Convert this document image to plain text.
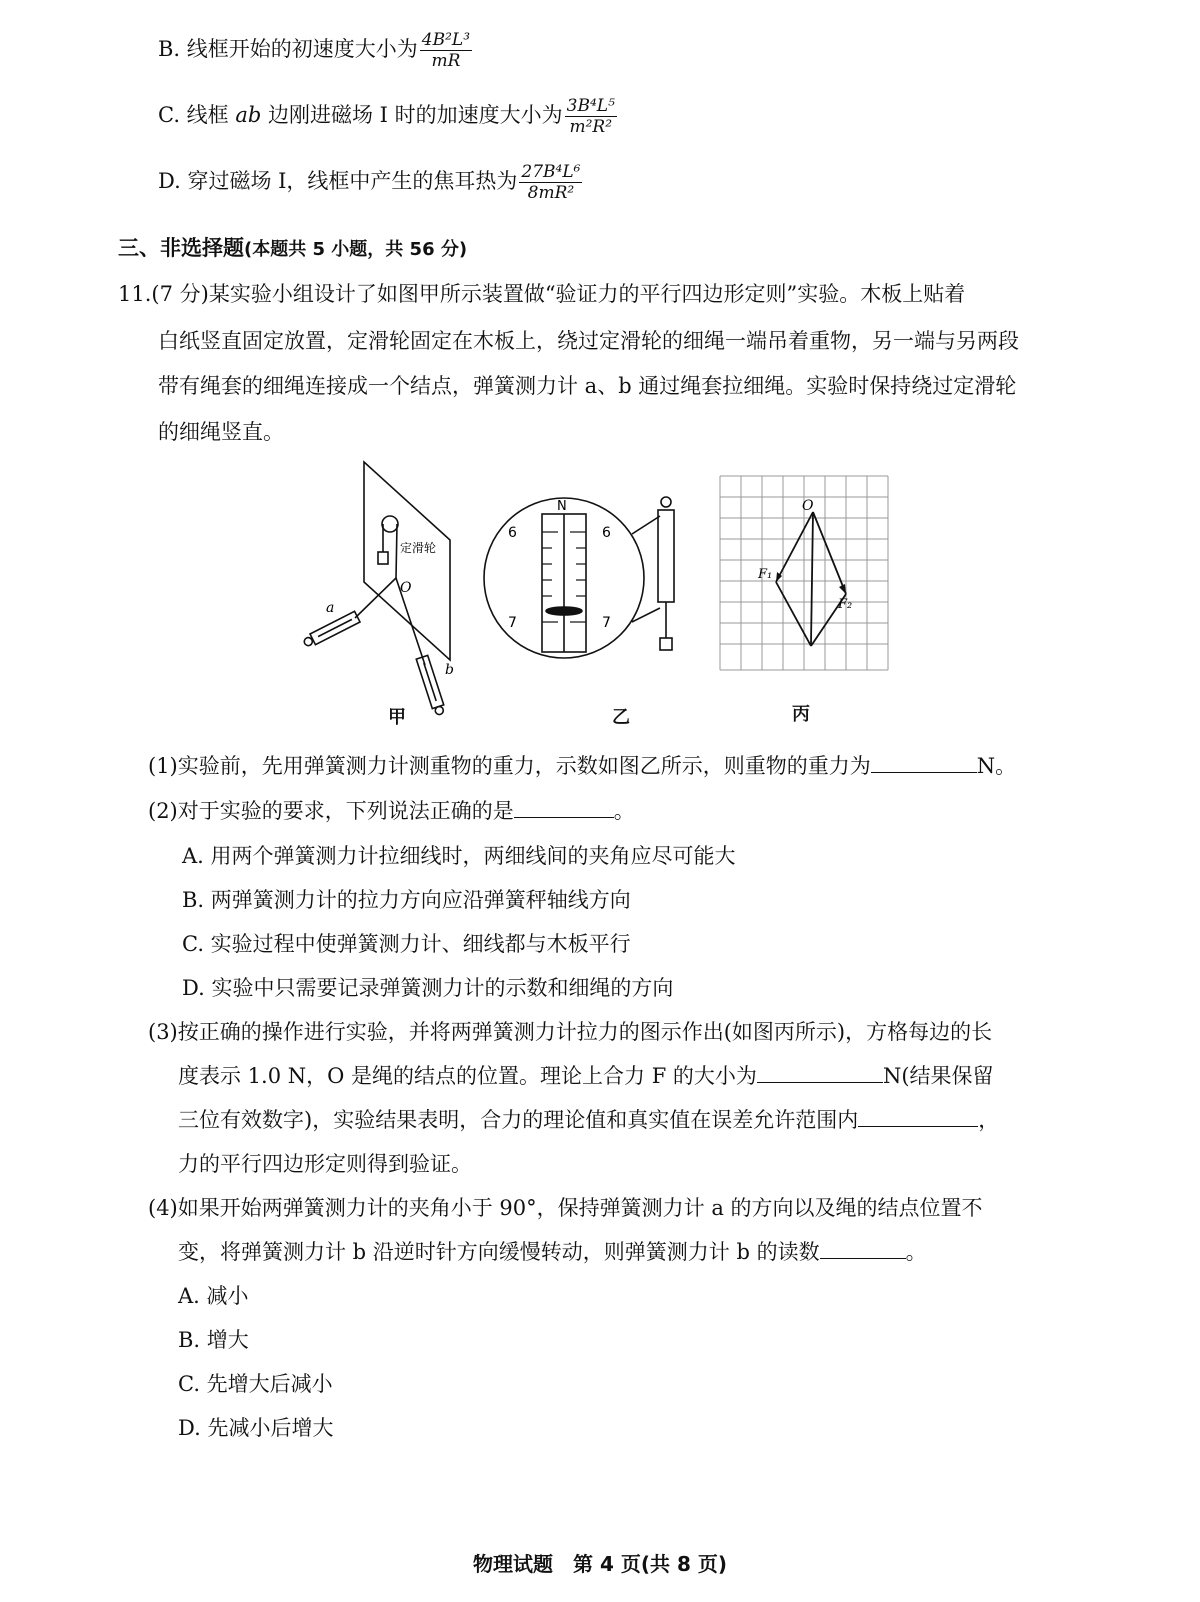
B. 线框开始的初速度大小为 $\frac{\text{4B²L³}}{mR}$
C. 线框 ab 边刚进磁场 Ⅰ 时的加速度大小为 $\frac{\text{3B⁴L⁵}}{\text{m²R²}}$
D. 穿过磁场 Ⅰ，线框中产生的焦耳热为 $\frac{\text{27B⁴L⁶}}{\text{8mR²}}$
三、非选择题(本题共 5 小题，共 56 分)
11.(7 分)某实验小组设计了如图甲所示装置做“验证力的平行四边形定则”实验。木板上贴着
白纸竖直固定放置，定滑轮固定在木板上，绕过定滑轮的细绳一端吊着重物，另一端与另两段
带有绳套的细绳连接成一个结点，弹簧测力计 a、b 通过绳套拉细绳。实验时保持绕过定滑轮
的细绳竖直。
定滑轮
O
a
b
甲
N
6	6
7	7
乙
O
F₁
F₂
丙
(1)实验前，先用弹簧测力计测重物的重力，示数如图乙所示，则重物的重力为	N。
(2)对于实验的要求，下列说法正确的是	。
A. 用两个弹簧测力计拉细线时，两细线间的夹角应尽可能大
B. 两弹簧测力计的拉力方向应沿弹簧秤轴线方向
C. 实验过程中使弹簧测力计、细线都与木板平行
D. 实验中只需要记录弹簧测力计的示数和细绳的方向
(3)按正确的操作进行实验，并将两弹簧测力计拉力的图示作出(如图丙所示)，方格每边的长
度表示 1.0 N，O 是绳的结点的位置。理论上合力 F 的大小为	N(结果保留
三位有效数字)，实验结果表明，合力的理论值和真实值在误差允许范围内	，
力的平行四边形定则得到验证。
(4)如果开始两弹簧测力计的夹角小于 90°，保持弹簧测力计 a 的方向以及绳的结点位置不
变，将弹簧测力计 b 沿逆时针方向缓慢转动，则弹簧测力计 b 的读数	。
A. 减小
B. 增大
C. 先增大后减小
D. 先减小后增大
物理试题　第 4 页(共 8 页)
